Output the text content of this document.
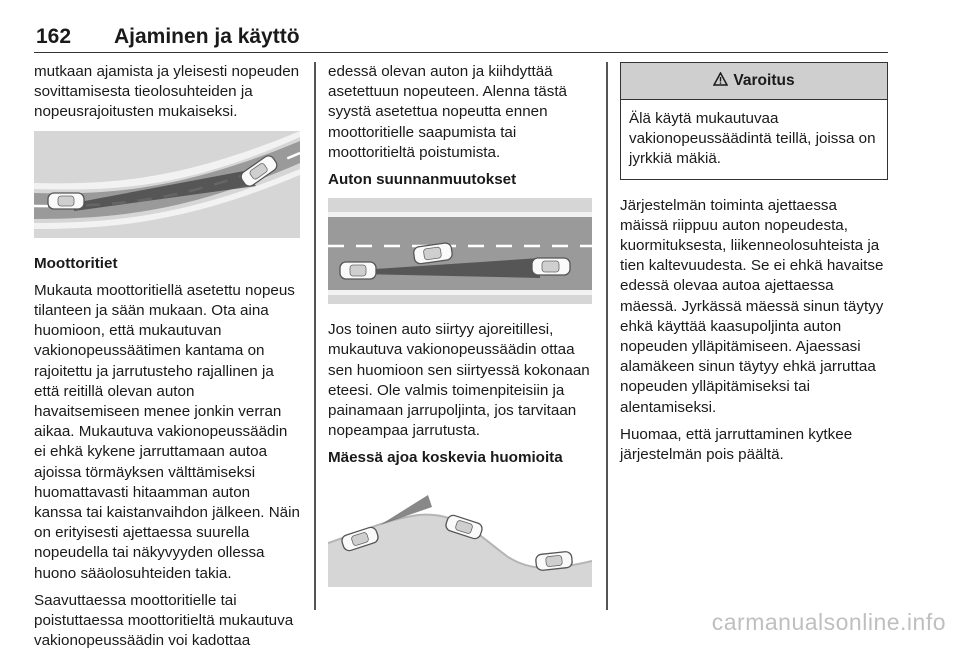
162 Ajaminen ja käyttö

mutkaan ajamista ja yleisesti nopeuden sovittamisesta tieolosuhteiden ja nopeusrajoitusten mukaiseksi.

Moottoritiet

Mukauta moottoritiellä asetettu nopeus tilanteen ja sään mukaan. Ota aina huomioon, että mukautuvan vakionopeussäätimen kantama on rajoitettu ja jarrutusteho rajallinen ja että reitillä olevan auton havaitsemiseen menee jonkin verran aikaa. Mukautuva vakionopeussäädin ei ehkä kykene jarruttamaan autoa ajoissa törmäyksen välttämiseksi huomattavasti hitaamman auton kanssa tai kaistanvaihdon jälkeen. Näin on erityisesti ajettaessa suurella nopeudella tai näkyvyyden ollessa huono sääolosuhteiden takia.

Saavuttaessa moottoritielle tai poistuttaessa moottoritieltä mukautuva vakionopeussäädin voi kadottaa

edessä olevan auton ja kiihdyttää asetettuun nopeuteen. Alenna tästä syystä asetettua nopeutta ennen moottoritielle saapumista tai moottoritieltä poistumista.

Auton suunnanmuutokset

Jos toinen auto siirtyy ajoreitillesi, mukautuva vakionopeussäädin ottaa sen huomioon sen siirtyessä kokonaan eteesi. Ole valmis toimenpiteisiin ja painamaan jarrupoljinta, jos tarvitaan nopeampaa jarrutusta.

Mäessä ajoa koskevia huomioita

Varoitus
Älä käytä mukautuvaa vakionopeussäädintä teillä, joissa on jyrkkiä mäkiä.

Järjestelmän toiminta ajettaessa mäissä riippuu auton nopeudesta, kuormituksesta, liikenneolosuhteista ja tien kaltevuudesta. Se ei ehkä havaitse edessä olevaa autoa ajettaessa mäessä. Jyrkässä mäessä sinun täytyy ehkä käyttää kaasupoljinta auton nopeuden ylläpitämiseen. Ajaessasi alamäkeen sinun täytyy ehkä jarruttaa nopeuden ylläpitämiseksi tai alentamiseksi.

Huomaa, että jarruttaminen kytkee järjestelmän pois päältä.

carmanualsonline.info
